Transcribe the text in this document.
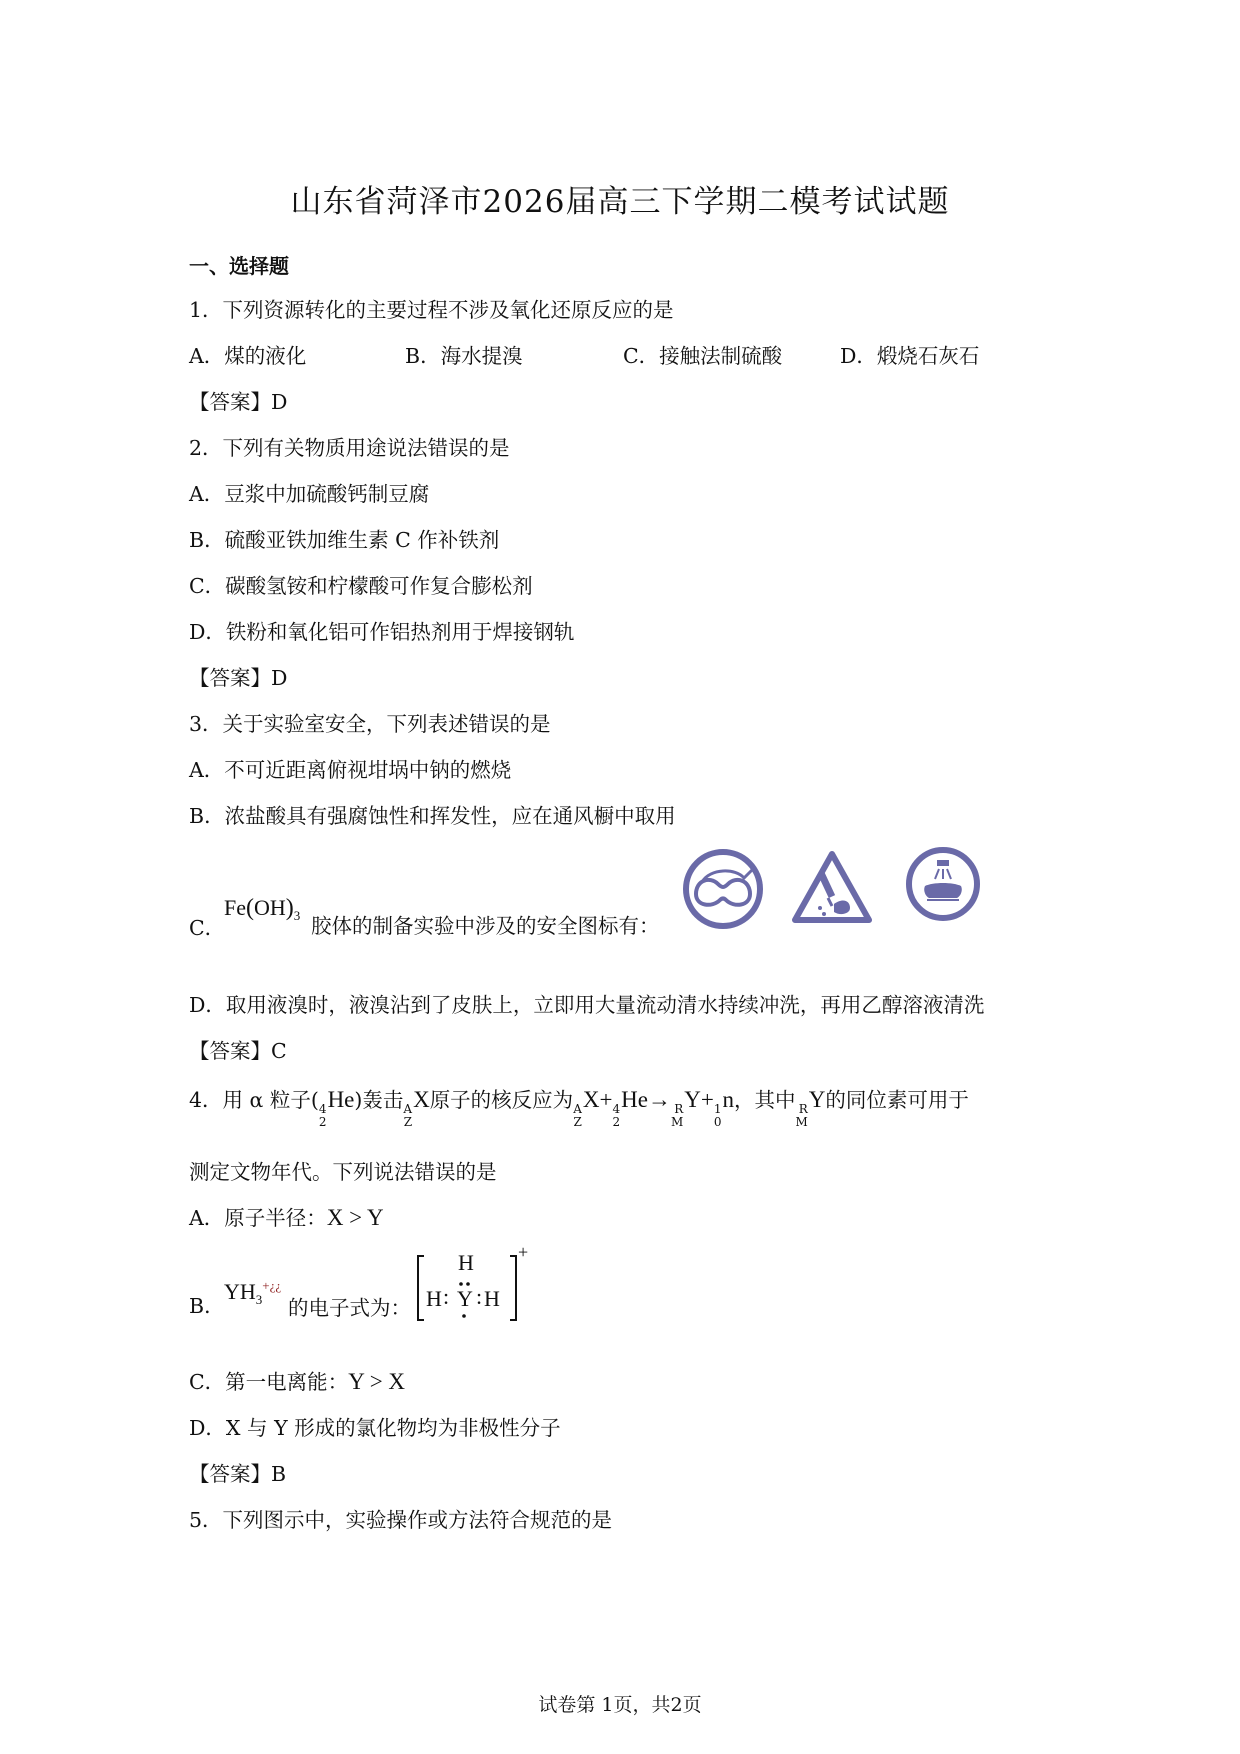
山东省菏泽市2026届高三下学期二模考试试题
一、选择题
1．下列资源转化的主要过程不涉及氧化还原反应的是
A．煤的液化	B．海水提溴	C．接触法制硫酸	D．煅烧石灰石
【答案】D
2．下列有关物质用途说法错误的是
A．豆浆中加硫酸钙制豆腐
B．硫酸亚铁加维生素 C 作补铁剂
C．碳酸氢铵和柠檬酸可作复合膨松剂
D．铁粉和氧化铝可作铝热剂用于焊接钢轨
【答案】D
3．关于实验室安全，下列表述错误的是
A．不可近距离俯视坩埚中钠的燃烧
B．浓盐酸具有强腐蚀性和挥发性，应在通风橱中取用
C．
$Fe(OH)_3$ 胶体的制备实验中涉及的安全图标有：
D．取用液溴时，液溴沾到了皮肤上，立即用大量流动清水持续冲洗，再用乙醇溶液清洗
【答案】C
4．用 α 粒子( 4
2
He)轰击 A
Z
X原子的核反应为 A
Z
X+ 4
2
He→ R
M
Y+ 1
0
n，其中 R
M
Y的同位素可用于
测定文物年代。下列说法错误的是
A．原子半径：X > Y
B．
$YH_3^{+¿¿}$
的电子式为：
H
H : Y : H
+
C．第一电离能：Y > X
D．X 与 Y 形成的氯化物均为非极性分子
【答案】B
5．下列图示中，实验操作或方法符合规范的是
试卷第 1页，共2页
